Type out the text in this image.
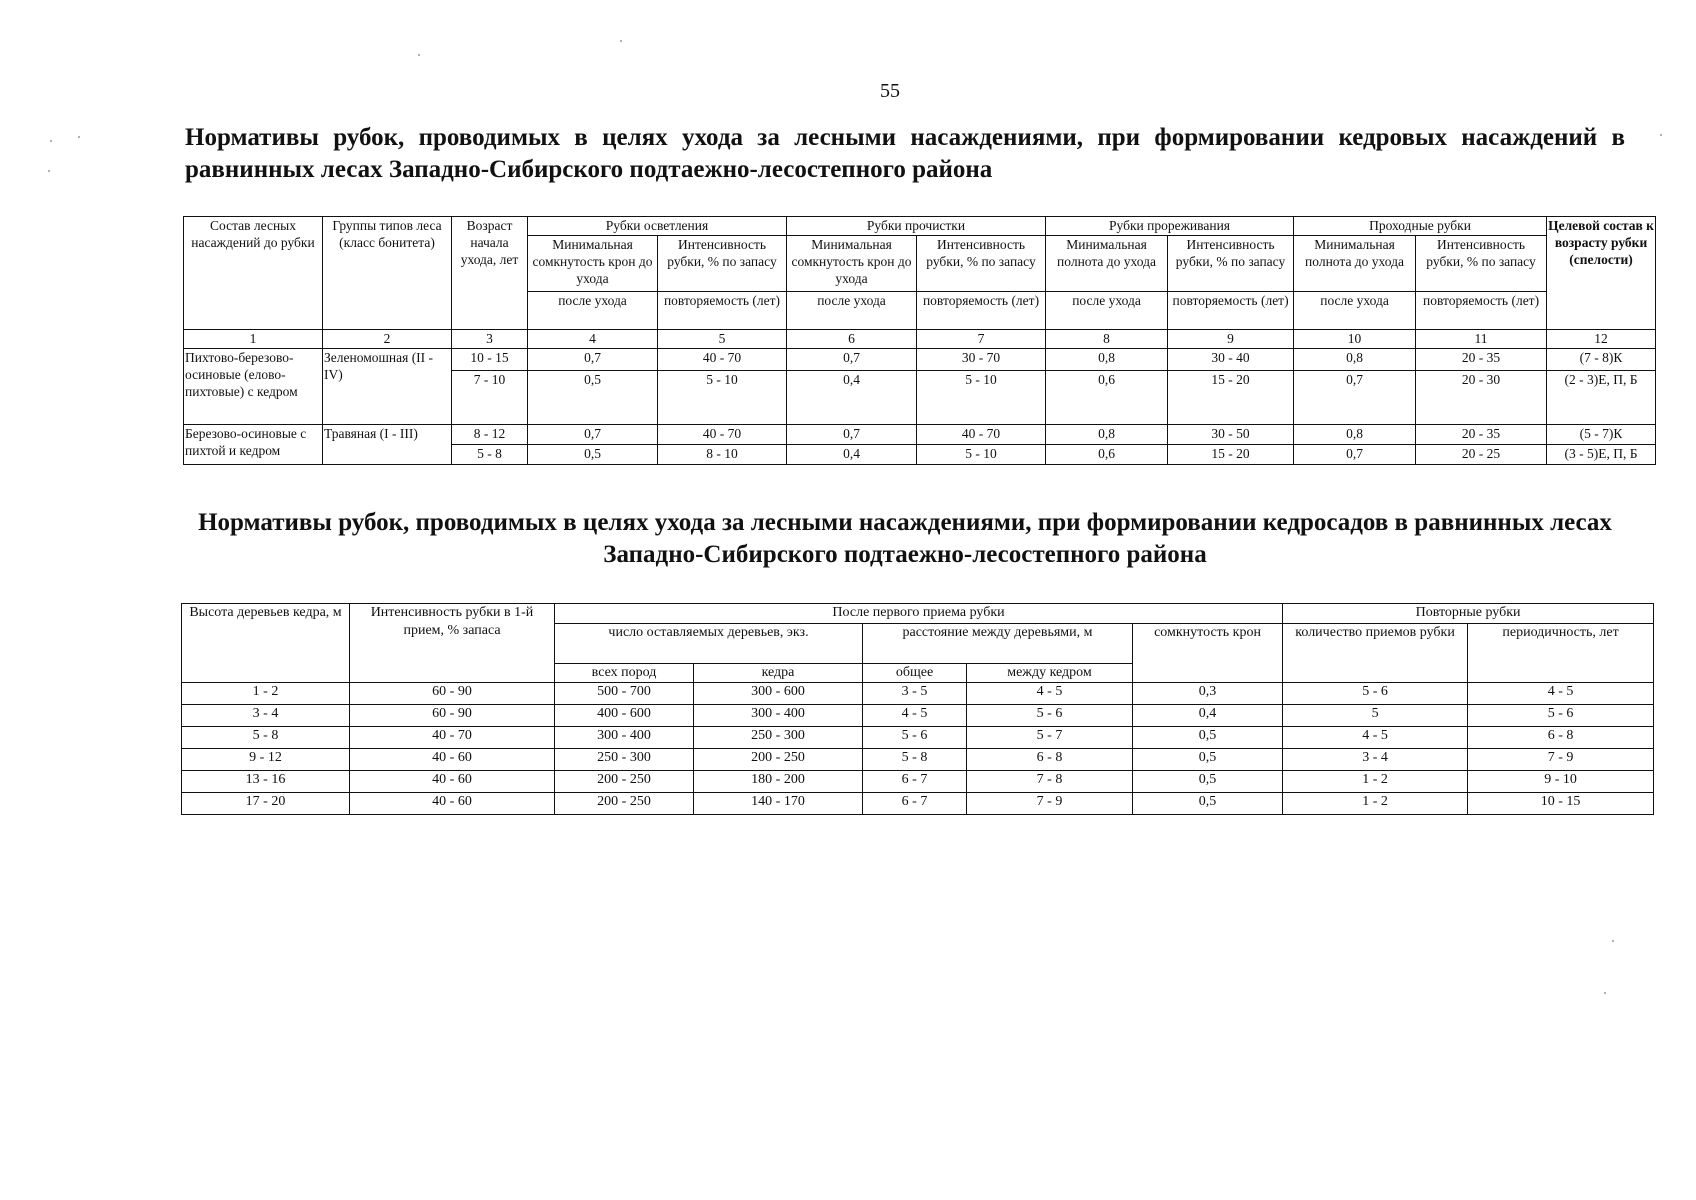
55
Нормативы рубок, проводимых в целях ухода за лесными насаждениями, при формировании кедровых насаждений в равнинных лесах Западно-Сибирского подтаежно-лесостепного района
Состав лесных насаждений до рубки	Группы типов леса (класс бонитета)	Возраст начала ухода, лет	Рубки осветления		Рубки прочистки		Рубки прореживания		Проходные рубки		Целевой состав к возрасту рубки (спелости)
			Минимальная сомкнутость крон до ухода	Интенсивность рубки, % по запасу	Минимальная сомкнутость крон до ухода	Интенсивность рубки, % по запасу	Минимальная полнота до ухода	Интенсивность рубки, % по запасу	Минимальная полнота до ухода	Интенсивность рубки, % по запасу	
			после ухода	повторяемость (лет)	после ухода	повторяемость (лет)	после ухода	повторяемость (лет)	после ухода	повторяемость (лет)	

1	2	3	4	5	6	7	8	9	10	11	12
Пихтово-березово-осиновые (елово-пихтовые) с кедром	Зеленомошная (II - IV)	10 - 15	0,7	40 - 70	0,7	30 - 70	0,8	30 - 40	0,8	20 - 35	(7 - 8)К
		7 - 10	0,5	5 - 10	0,4	5 - 10	0,6	15 - 20	0,7	20 - 30	(2 - 3)Е, П, Б
Березово-осиновые с пихтой и кедром	Травяная (I - III)	8 - 12	0,7	40 - 70	0,7	40 - 70	0,8	30 - 50	0,8	20 - 35	(5 - 7)К
		5 - 8	0,5	8 - 10	0,4	5 - 10	0,6	15 - 20	0,7	20 - 25	(3 - 5)Е, П, Б
Нормативы рубок, проводимых в целях ухода за лесными насаждениями, при формировании кедросадов в равнинных лесах Западно-Сибирского подтаежно-лесостепного района
Высота деревьев кедра, м	Интенсивность рубки в 1-й прием, % запаса	После первого приема рубки					Повторные рубки	
		число оставляемых деревьев, экз.		расстояние между деревьями, м		сомкнутость крон	количество приемов рубки	периодичность, лет
		всех пород	кедра	общее	между кедром			
1 - 2	60 - 90	500 - 700	300 - 600	3 - 5	4 - 5	0,3	5 - 6	4 - 5
3 - 4	60 - 90	400 - 600	300 - 400	4 - 5	5 - 6	0,4	5	5 - 6
5 - 8	40 - 70	300 - 400	250 - 300	5 - 6	5 - 7	0,5	4 - 5	6 - 8
9 - 12	40 - 60	250 - 300	200 - 250	5 - 8	6 - 8	0,5	3 - 4	7 - 9
13 - 16	40 - 60	200 - 250	180 - 200	6 - 7	7 - 8	0,5	1 - 2	9 - 10
17 - 20	40 - 60	200 - 250	140 - 170	6 - 7	7 - 9	0,5	1 - 2	10 - 15
